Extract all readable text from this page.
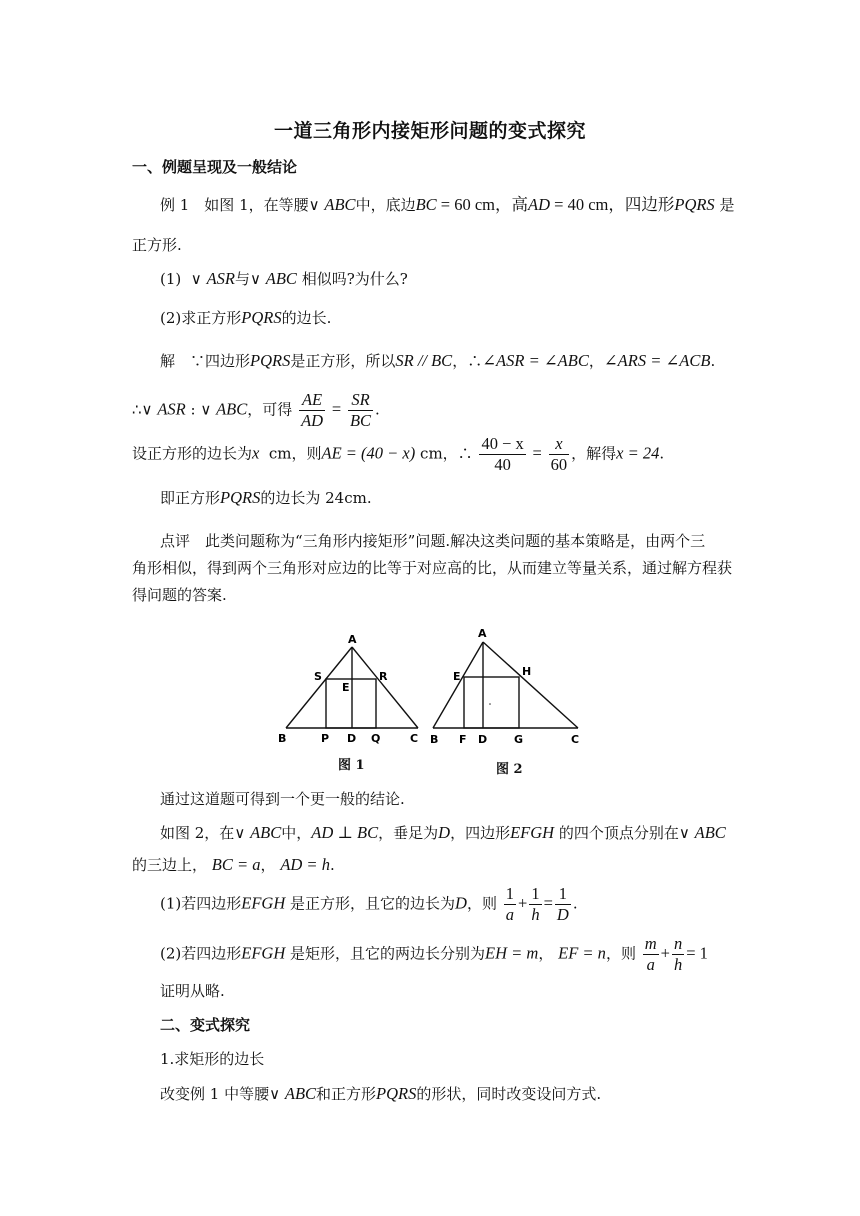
一道三角形内接矩形问题的变式探究
一、例题呈现及一般结论
例 1　如图 1，在等腰∨ ABC中，底边BC = 60 cm，高AD = 40 cm，四边形PQRS 是
正方形.
(1) ∨ ASR与∨ ABC 相似吗?为什么?
(2)求正方形PQRS的边长.
解　∵四边形PQRS是正方形，所以SR // BC，∴∠ASR = ∠ABC，∠ARS = ∠ACB.
∴∨ ASR : ∨ ABC，可得 $\frac{AE}{AD} = \frac{SR}{BC}$ .
设正方形的边长为x cm，则AE = (40 − x) cm，∴ $\frac{40 - x}{40} = \frac{x}{60}$ ，解得x = 24.
即正方形PQRS的边长为 24cm.
点评　此类问题称为“三角形内接矩形”问题.解决这类问题的基本策略是，由两个三
角形相似，得到两个三角形对应边的比等于对应高的比，从而建立等量关系，通过解方程获
得问题的答案.
A
S	R
E
B	P D Q	C
图 1
A
E	H
B F D G	C
图 2
通过这道题可得到一个更一般的结论.
如图 2，在∨ ABC中，AD ⊥ BC，垂足为D，四边形EFGH 的四个顶点分别在∨ ABC
的三边上， BC = a， AD = h.
(1)若四边形EFGH 是正方形，且它的边长为D，则 $\frac{1}{a} + \frac{1}{h} = \frac{1}{D}$ .
(2)若四边形EFGH 是矩形，且它的两边长分别为EH = m， EF = n，则 $\frac{m}{a} + \frac{n}{h} = 1$
证明从略.
二、变式探究
1.求矩形的边长
改变例 1 中等腰∨ ABC和正方形PQRS的形状，同时改变设问方式.
